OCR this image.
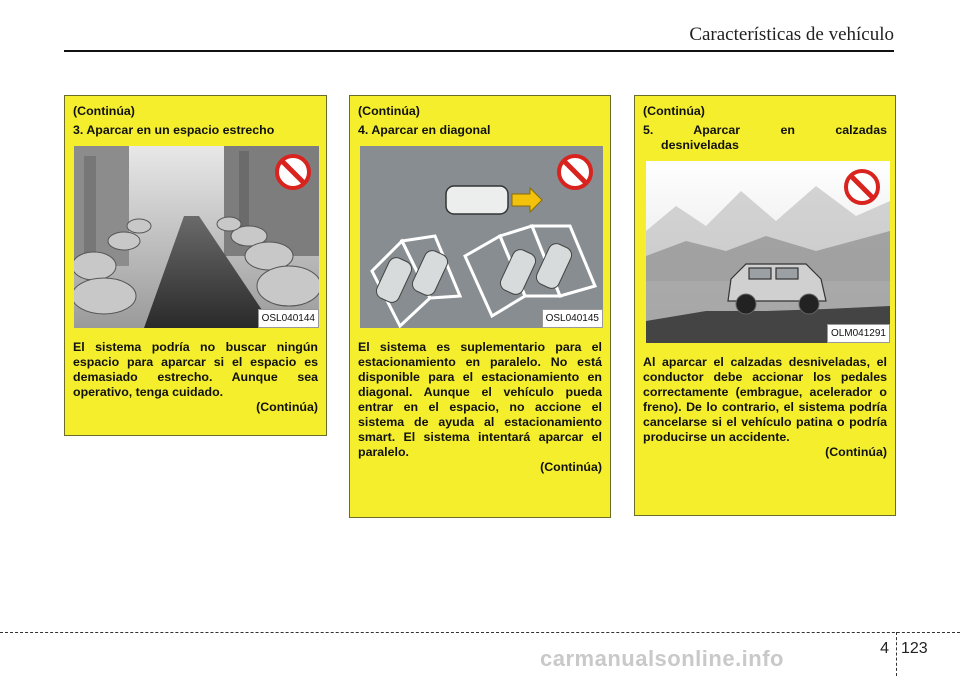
Características de vehículo
(Continúa)
3. Aparcar en un espacio estrecho
OSL040144
El sistema podría no buscar ningún espacio para aparcar si el espacio es demasiado estrecho. Aunque sea operativo, tenga cuidado.
(Continúa)
(Continúa)
4. Aparcar en diagonal
OSL040145
El sistema es suplementario para el estacionamiento en paralelo. No está disponible para el estacionamiento en diagonal. Aunque el vehículo pueda entrar en el espacio, no accione el sistema de ayuda al estacionamiento smart. El sistema intentará aparcar el paralelo.
(Continúa)
(Continúa)
5. Aparcar en calzadas
desniveladas
OLM041291
Al aparcar el calzadas desniveladas, el conductor debe accionar los pedales correctamente (embrague, acelerador o freno). De lo contrario, el sistema podría cancelarse si el vehículo patina o podría producirse un accidente.
(Continúa)
4 123
carmanualsonline.info
